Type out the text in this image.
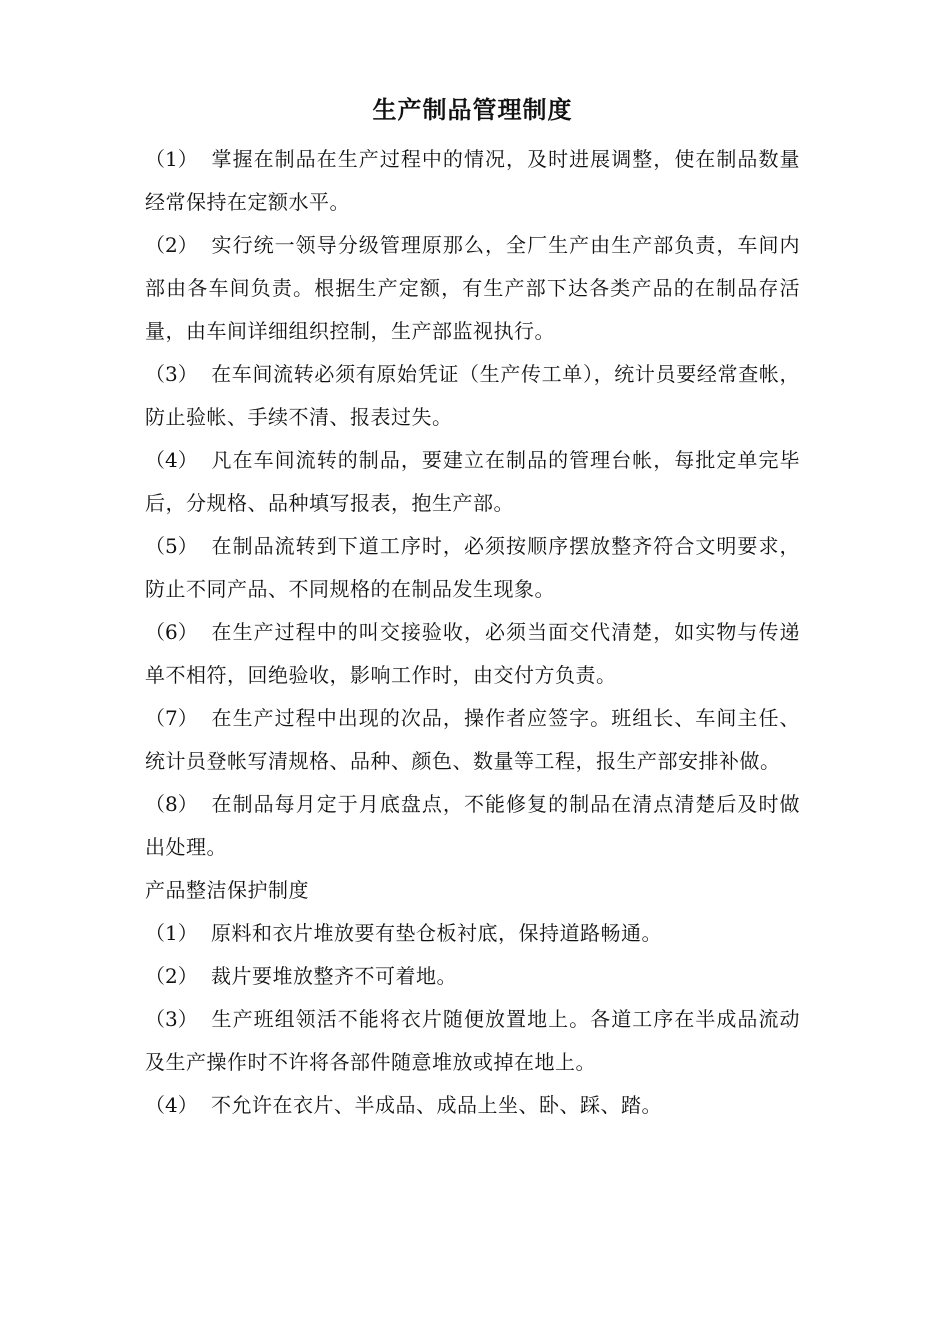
生产制品管理制度

（1） 掌握在制品在生产过程中的情况，及时进展调整，使在制品数量经常保持在定额水平。

（2） 实行统一领导分级管理原那么，全厂生产由生产部负责，车间内部由各车间负责。根据生产定额，有生产部下达各类产品的在制品存活量，由车间详细组织控制，生产部监视执行。

（3） 在车间流转必须有原始凭证（生产传工单），统计员要经常查帐，防止验帐、手续不清、报表过失。

（4） 凡在车间流转的制品，要建立在制品的管理台帐，每批定单完毕后，分规格、品种填写报表，抱生产部。

（5） 在制品流转到下道工序时，必须按顺序摆放整齐符合文明要求，防止不同产品、不同规格的在制品发生现象。

（6） 在生产过程中的叫交接验收，必须当面交代清楚，如实物与传递单不相符，回绝验收，影响工作时，由交付方负责。

（7） 在生产过程中出现的次品，操作者应签字。班组长、车间主任、统计员登帐写清规格、品种、颜色、数量等工程，报生产部安排补做。

（8） 在制品每月定于月底盘点，不能修复的制品在清点清楚后及时做出处理。

产品整洁保护制度

（1） 原料和衣片堆放要有垫仓板衬底，保持道路畅通。

（2） 裁片要堆放整齐不可着地。

（3） 生产班组领活不能将衣片随便放置地上。各道工序在半成品流动及生产操作时不许将各部件随意堆放或掉在地上。

（4） 不允许在衣片、半成品、成品上坐、卧、踩、踏。
